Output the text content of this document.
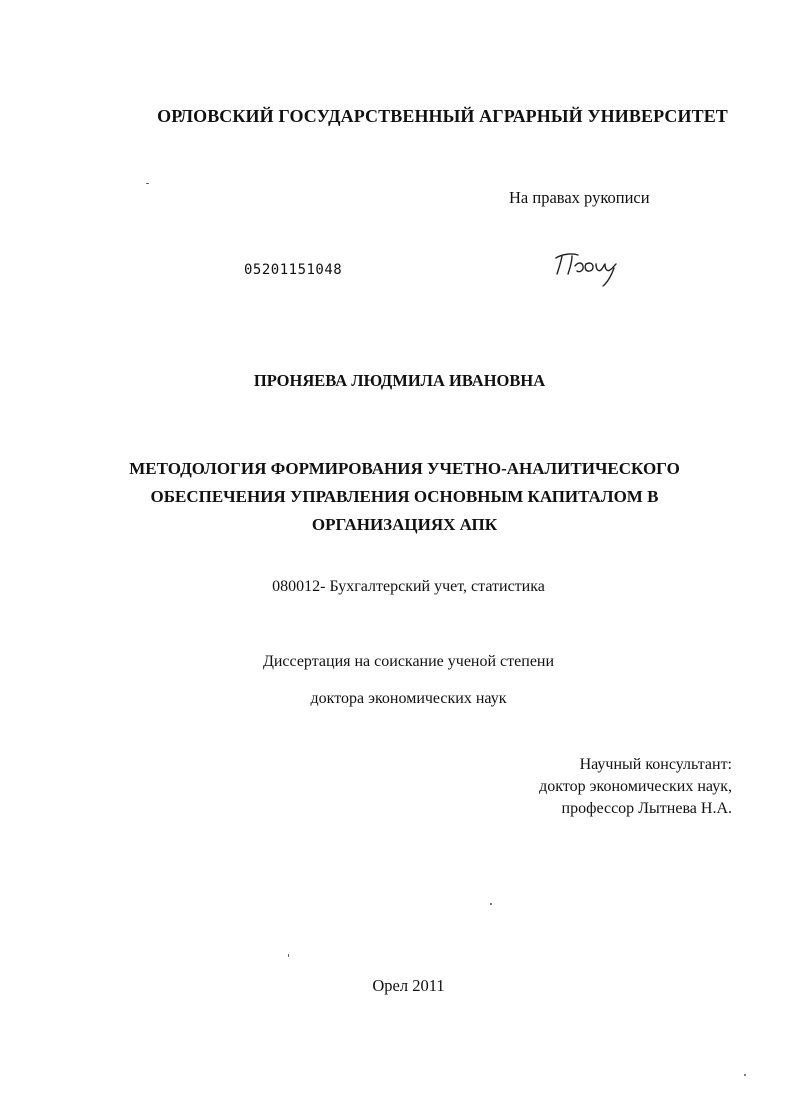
ОРЛОВСКИЙ ГОСУДАРСТВЕННЫЙ АГРАРНЫЙ УНИВЕРСИТЕТ
На правах рукописи
05201151048
ПРОНЯЕВА ЛЮДМИЛА ИВАНОВНА
МЕТОДОЛОГИЯ ФОРМИРОВАНИЯ УЧЕТНО-АНАЛИТИЧЕСКОГО
ОБЕСПЕЧЕНИЯ УПРАВЛЕНИЯ ОСНОВНЫМ КАПИТАЛОМ В
ОРГАНИЗАЦИЯХ АПК
080012- Бухгалтерский учет, статистика
Диссертация на соискание ученой степени
доктора экономических наук
Научный консультант:
доктор экономических наук,
профессор Лытнева Н.А.
Орел 2011
